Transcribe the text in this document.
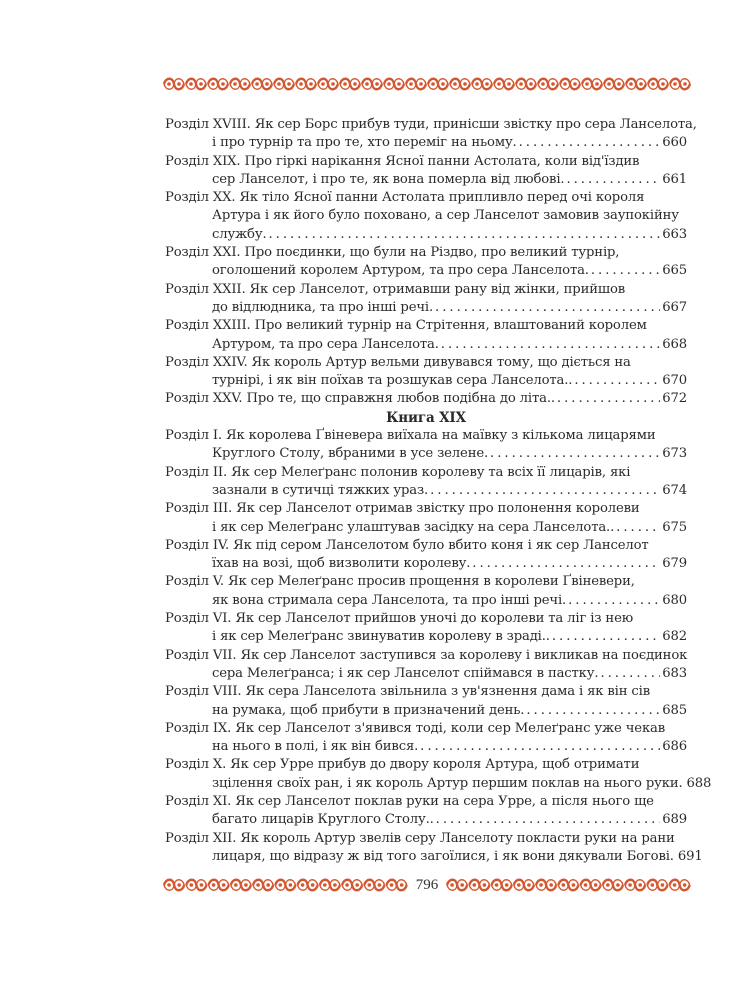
Розділ XVIII. Як сер Борс прибув туди, принісши звістку про сера Ланселота,
і про турнір та про те, хто переміг на ньому. . . .	660
Розділ XIX. Про гіркі нарікання Ясної панни Астолата, коли від'їздив
сер Ланселот, і про те, як вона померла від любові. . . .	661
Розділ XX. Як тіло Ясної панни Астолата припливло перед очі короля
Артура і як його було поховано, а сер Ланселот замовив заупокійну
службу. . . .	663
Розділ XXI. Про поєдинки, що були на Різдво, про великий турнір,
оголошений королем Артуром, та про сера Ланселота. . . .	665
Розділ XXII. Як сер Ланселот, отримавши рану від жінки, прийшов
до відлюдника, та про інші речі. . . .	667
Розділ XXIII. Про великий турнір на Стрітення, влаштований королем
Артуром, та про сера Ланселота. . . .	668
Розділ XXIV. Як король Артур вельми дивувався тому, що діється на
турнірі, і як він поїхав та розшукав сера Ланселота.. . . .	670
Розділ XXV. Про те, що справжня любов подібна до літа.. . . .	672
Книга XIX
Розділ I. Як королева Ґвіневера виїхала на маївку з кількома лицарями
Круглого Столу, вбраними в усе зелене. . . .	673
Розділ II. Як сер Мелеґранс полонив королеву та всіх її лицарів, які
зазнали в сутичці тяжких ураз. . . .	674
Розділ III. Як сер Ланселот отримав звістку про полонення королеви
і як сер Мелеґранс улаштував засідку на сера Ланселота.. . . .	675
Розділ IV. Як під сером Ланселотом було вбито коня і як сер Ланселот
їхав на возі, щоб визволити королеву. . . .	679
Розділ V. Як сер Мелеґранс просив прощення в королеви Ґвіневери,
як вона стримала сера Ланселота, та про інші речі. . . .	680
Розділ VI. Як сер Ланселот прийшов уночі до королеви та ліг із нею
і як сер Мелеґранс звинуватив королеву в зраді.. . . .	682
Розділ VII. Як сер Ланселот заступився за королеву і викликав на поєдинок
сера Мелеґранса; і як сер Ланселот спіймався в пастку. . . .	683
Розділ VIII. Як сера Ланселота звільнила з ув'язнення дама і як він сів
на румака, щоб прибути в призначений день. . . .	685
Розділ IX. Як сер Ланселот з'явився тоді, коли сер Мелеґранс уже чекав
на нього в полі, і як він бився. . . .	686
Розділ X. Як сер Урре прибув до двору короля Артура, щоб отримати
зцілення своїх ран, і як король Артур першим поклав на нього руки. 688
Розділ XI. Як сер Ланселот поклав руки на сера Урре, а після нього ще
багато лицарів Круглого Столу.. . . .	689
Розділ XII. Як король Артур звелів серу Ланселоту покласти руки на рани
лицаря, що відразу ж від того загоїлися, і як вони дякували Богові. 691
796
